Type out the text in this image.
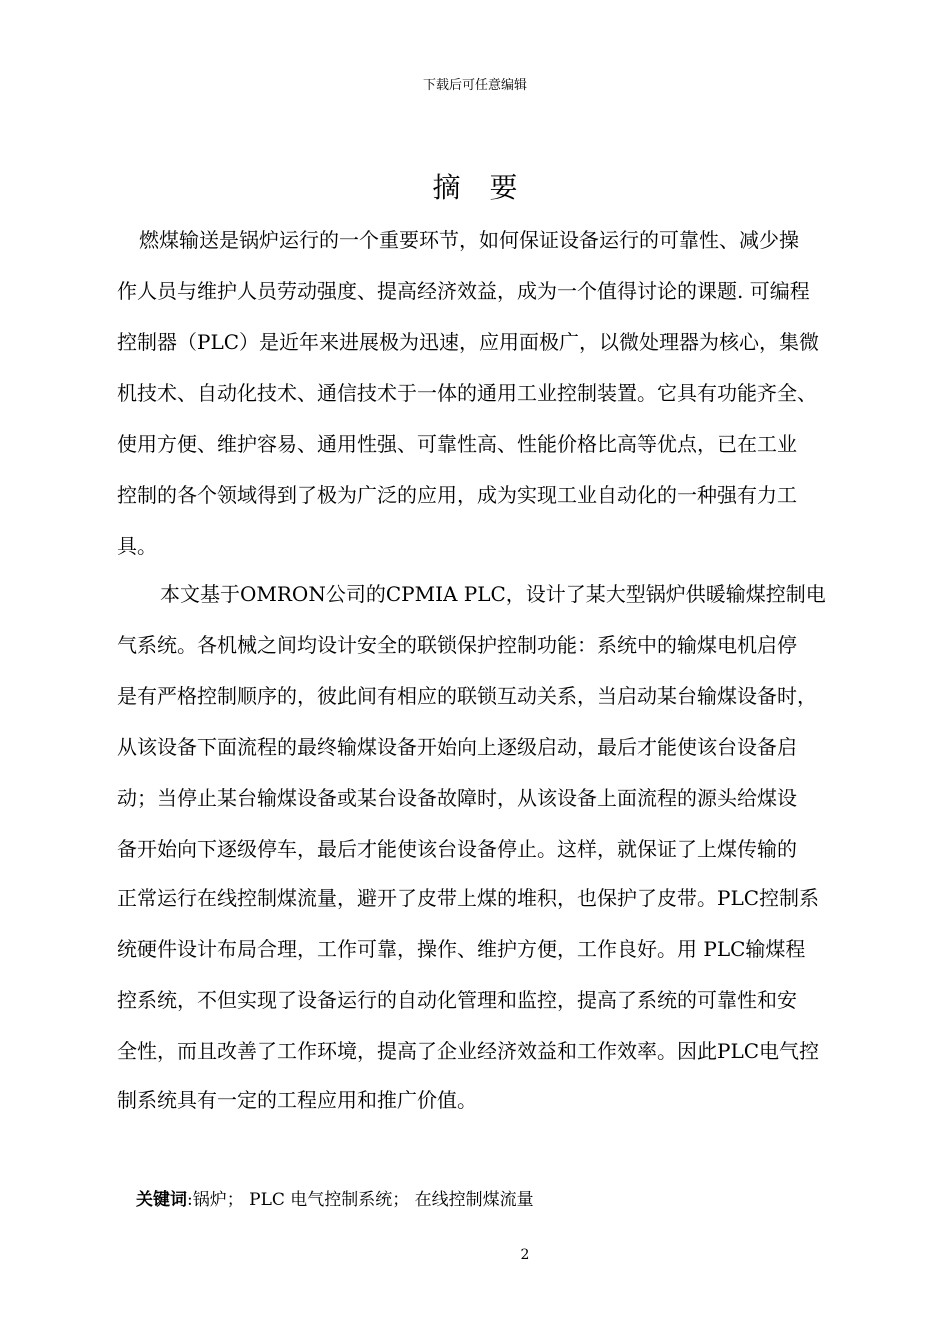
下载后可任意编辑
摘 要
燃煤输送是锅炉运行的一个重要环节，如何保证设备运行的可靠性、减少操
作人员与维护人员劳动强度、提高经济效益，成为一个值得讨论的课题. 可编程
控制器（PLC）是近年来进展极为迅速，应用面极广，以微处理器为核心，集微
机技术、自动化技术、通信技术于一体的通用工业控制装置。它具有功能齐全、
使用方便、维护容易、通用性强、可靠性高、性能价格比高等优点，已在工业
控制的各个领域得到了极为广泛的应用，成为实现工业自动化的一种强有力工
具。
本文基于OMRON公司的CPMIA PLC，设计了某大型锅炉供暖输煤控制电
气系统。各机械之间均设计安全的联锁保护控制功能：系统中的输煤电机启停
是有严格控制顺序的，彼此间有相应的联锁互动关系，当启动某台输煤设备时，
从该设备下面流程的最终输煤设备开始向上逐级启动，最后才能使该台设备启
动；当停止某台输煤设备或某台设备故障时，从该设备上面流程的源头给煤设
备开始向下逐级停车，最后才能使该台设备停止。这样，就保证了上煤传输的
正常运行在线控制煤流量，避开了皮带上煤的堆积，也保护了皮带。PLC控制系
统硬件设计布局合理，工作可靠，操作、维护方便，工作良好。用 PLC输煤程
控系统，不但实现了设备运行的自动化管理和监控，提高了系统的可靠性和安
全性，而且改善了工作环境，提高了企业经济效益和工作效率。因此PLC电气控
制系统具有一定的工程应用和推广价值。
关键词:锅炉； PLC 电气控制系统； 在线控制煤流量
2
